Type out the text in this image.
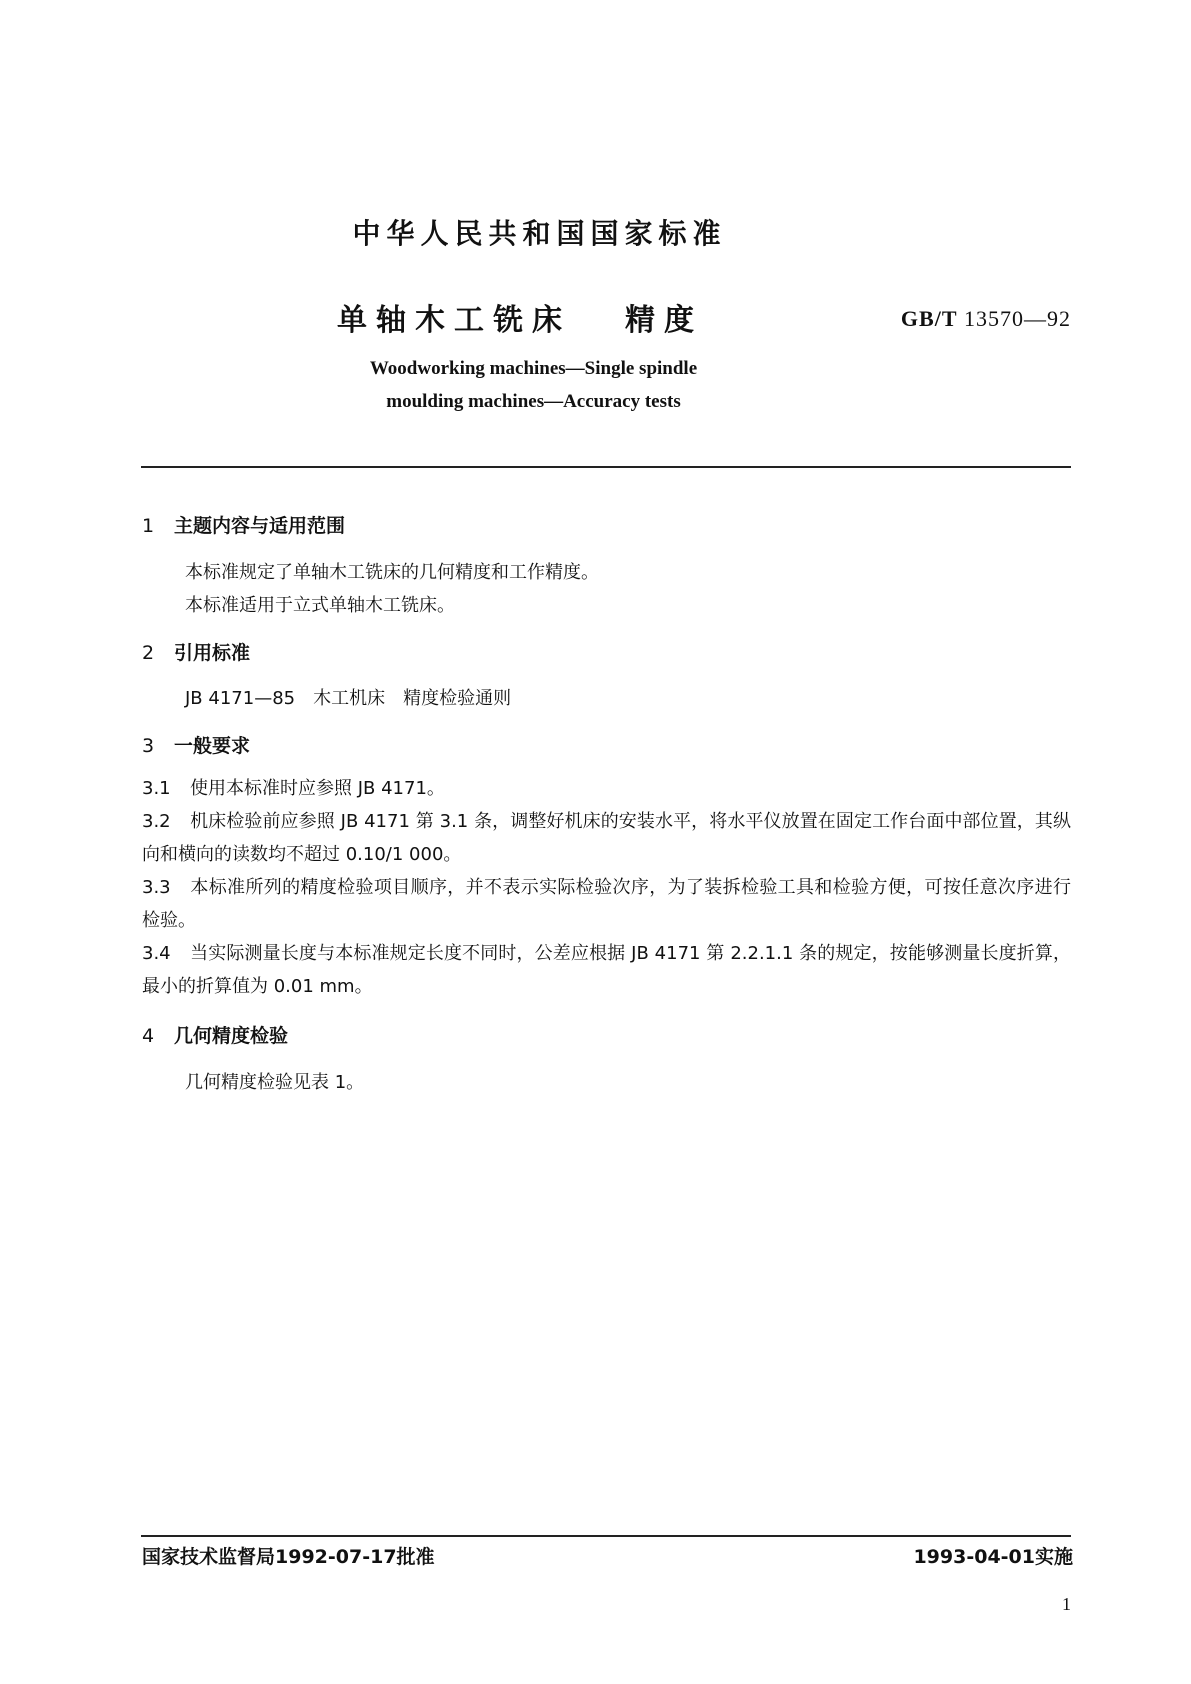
中华人民共和国国家标准
单轴木工铣床 精度	GB/T 13570—92
Woodworking machines—Single spindle
moulding machines—Accuracy tests
1 主题内容与适用范围
本标准规定了单轴木工铣床的几何精度和工作精度。
本标准适用于立式单轴木工铣床。
2 引用标准
JB 4171—85　木工机床　精度检验通则
3 一般要求
3.1 使用本标准时应参照 JB 4171。
3.2 机床检验前应参照 JB 4171 第 3.1 条，调整好机床的安装水平，将水平仪放置在固定工作台面中部位置，其纵向和横向的读数均不超过 0.10/1 000。
3.3 本标准所列的精度检验项目顺序，并不表示实际检验次序，为了装拆检验工具和检验方便，可按任意次序进行检验。
3.4 当实际测量长度与本标准规定长度不同时，公差应根据 JB 4171 第 2.2.1.1 条的规定，按能够测量长度折算，最小的折算值为 0.01 mm。
4 几何精度检验
几何精度检验见表 1。
国家技术监督局1992-07-17批准	1993-04-01实施
1
